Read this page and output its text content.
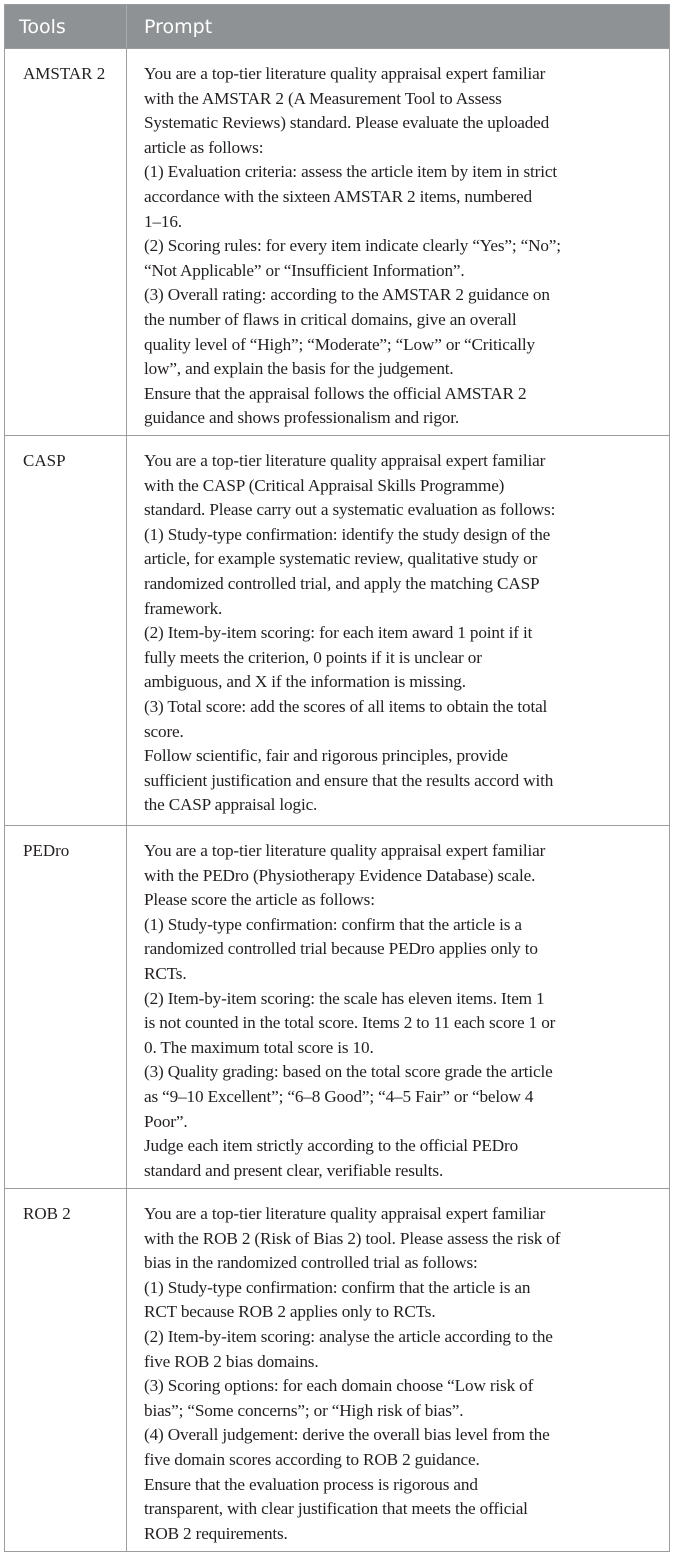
Tools	Prompt
AMSTAR 2	You are a top-tier literature quality appraisal expert familiar
with the AMSTAR 2 (A Measurement Tool to Assess
Systematic Reviews) standard. Please evaluate the uploaded
article as follows:
(1) Evaluation criteria: assess the article item by item in strict
accordance with the sixteen AMSTAR 2 items, numbered
1–16.
(2) Scoring rules: for every item indicate clearly “Yes”; “No”;
“Not Applicable” or “Insufficient Information”.
(3) Overall rating: according to the AMSTAR 2 guidance on
the number of flaws in critical domains, give an overall
quality level of “High”; “Moderate”; “Low” or “Critically
low”, and explain the basis for the judgement.
Ensure that the appraisal follows the official AMSTAR 2
guidance and shows professionalism and rigor.
CASP	You are a top-tier literature quality appraisal expert familiar
with the CASP (Critical Appraisal Skills Programme)
standard. Please carry out a systematic evaluation as follows:
(1) Study-type confirmation: identify the study design of the
article, for example systematic review, qualitative study or
randomized controlled trial, and apply the matching CASP
framework.
(2) Item-by-item scoring: for each item award 1 point if it
fully meets the criterion, 0 points if it is unclear or
ambiguous, and X if the information is missing.
(3) Total score: add the scores of all items to obtain the total
score.
Follow scientific, fair and rigorous principles, provide
sufficient justification and ensure that the results accord with
the CASP appraisal logic.
PEDro	You are a top-tier literature quality appraisal expert familiar
with the PEDro (Physiotherapy Evidence Database) scale.
Please score the article as follows:
(1) Study-type confirmation: confirm that the article is a
randomized controlled trial because PEDro applies only to
RCTs.
(2) Item-by-item scoring: the scale has eleven items. Item 1
is not counted in the total score. Items 2 to 11 each score 1 or
0. The maximum total score is 10.
(3) Quality grading: based on the total score grade the article
as “9–10 Excellent”; “6–8 Good”; “4–5 Fair” or “below 4
Poor”.
Judge each item strictly according to the official PEDro
standard and present clear, verifiable results.
ROB 2	You are a top-tier literature quality appraisal expert familiar
with the ROB 2 (Risk of Bias 2) tool. Please assess the risk of
bias in the randomized controlled trial as follows:
(1) Study-type confirmation: confirm that the article is an
RCT because ROB 2 applies only to RCTs.
(2) Item-by-item scoring: analyse the article according to the
five ROB 2 bias domains.
(3) Scoring options: for each domain choose “Low risk of
bias”; “Some concerns”; or “High risk of bias”.
(4) Overall judgement: derive the overall bias level from the
five domain scores according to ROB 2 guidance.
Ensure that the evaluation process is rigorous and
transparent, with clear justification that meets the official
ROB 2 requirements.
